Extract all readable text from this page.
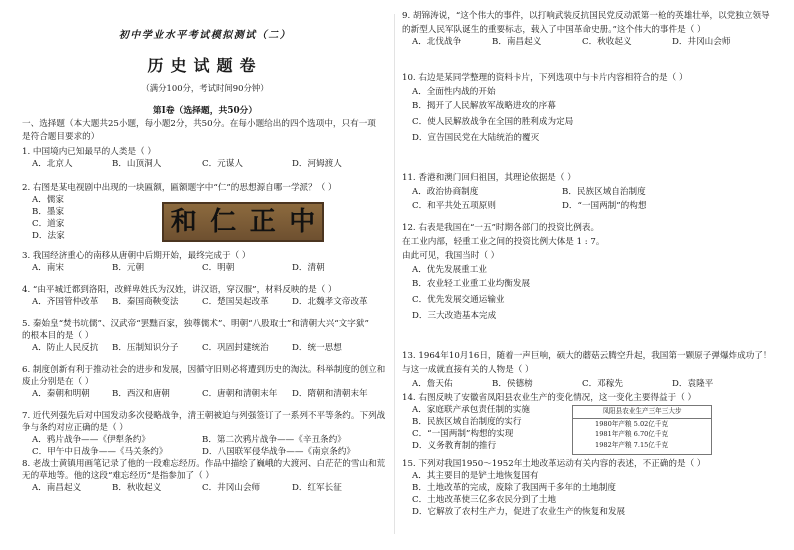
初中学业水平考试模拟测试（二）
历史试题卷
（满分100分，考试时间90分钟）
第Ⅰ卷（选择题，共50分）
一、选择题（本大题共25小题，每小题2分，共50分。在每小题给出的四个选项中，只有一项
是符合题目要求的）
1. 中国境内已知最早的人类是（ ）
A．北京人	B．山顶洞人	C．元谋人	D．河姆渡人
2. 右图是某电视剧中出现的一块匾额，匾额题字中“仁”的思想源自哪一学派？（ ）
A．儒家
B．墨家
C．道家
D．法家
3. 我国经济重心的南移从唐朝中后期开始，最终完成于（ ）
A．南宋	B．元朝	C．明朝	D．清朝
4. “由平城迁都到洛阳，改鲜卑姓氏为汉姓，讲汉语，穿汉服”，材料反映的是（ ）
A．齐国管仲改革 B．秦国商鞅变法	C．楚国吴起改革	D．北魏孝文帝改革
5. 秦始皇“焚书坑儒”、汉武帝“罢黜百家，独尊儒术”、明朝“八股取士”和清朝大兴“文字狱”
的根本目的是（ ）
A．防止人民反抗 B．压制知识分子	C．巩固封建统治	D．统一思想
6. 制度创新有利于推动社会的进步和发展，因循守旧则必将遭到历史的淘汰。科举制度的创立和
废止分别是在（ ）
A．秦朝和明朝	B．西汉和唐朝	C．唐朝和清朝末年 D．隋朝和清朝末年
7. 近代列强先后对中国发动多次侵略战争，清王朝被迫与列强签订了一系列不平等条约。下列战
争与条约对应正确的是（ ）
A．鸦片战争——《伊犁条约》	B．第二次鸦片战争——《辛丑条约》
C．甲午中日战争——《马关条约》	D．八国联军侵华战争——《南京条约》
8. 老战士黄镇用画笔记录了他的一段难忘经历。作品中描绘了巍峨的大渡河、白茫茫的雪山和荒
无的草地等。他的这段“难忘经历”是指参加了（ ）
A．南昌起义	B．秋收起义	C．井冈山会师	D．红军长征
和 仁 正 中
9. 胡锦涛说，“这个伟大的事件，以打响武装反抗国民党反动派第一枪的英雄壮举，以党独立领导
的新型人民军队诞生的重要标志，载入了中国革命史册。”这个伟大的事件是（ ）
A．北伐战争	B．南昌起义	C．秋收起义	D．井冈山会师
10. 右边是某同学整理的资料卡片，下列选项中与卡片内容相符合的是（ ）
A．全面性内战的开始
B．揭开了人民解放军战略进攻的序幕
C．使人民解放战争在全国的胜利成为定局
D．宣告国民党在大陆统治的覆灭
11. 香港和澳门回归祖国，其理论依据是（ ）
A．政治协商制度	B．民族区域自治制度
C．和平共处五项原则	D．“一国两制”的构想
12. 右表是我国在“一五”时期各部门的投资比例表。
在工业内部，轻重工业之间的投资比例大体是 1 : 7。
由此可见，我国当时（ ）
A．优先发展重工业
B．农业轻工业重工业均衡发展
C．优先发展交通运输业
D．三大改造基本完成
13. 1964年10月16日，随着一声巨响，硕大的蘑菇云腾空升起，我国第一颗原子弹爆炸成功了！
与这一成就直接有关的人物是（ ）
A．詹天佑	B．侯德榜	C．邓稼先	D．袁隆平
14. 右图反映了安徽省凤阳县农业生产的变化情况，这一变化主要得益于（ ）
A．家庭联产承包责任制的实施
B．民族区域自治制度的实行
C．“一国两制”构想的实现
D．义务教育制的推行
15. 下列对我国1950～1952年土地改革运动有关内容的表述，不正确的是（ ）
A．其主要目的是铲土地恢复国有
B．土地改革的完成，废除了我国两千多年的土地制度
C．土地改革使三亿多农民分到了土地
D．它解放了农村生产力，促进了农业生产的恢复和发展
凤阳县农业生产三年三大步
1980年产粮 5.02亿千克
1981年产粮 6.70亿千克
1982年产粮 7.15亿千克
